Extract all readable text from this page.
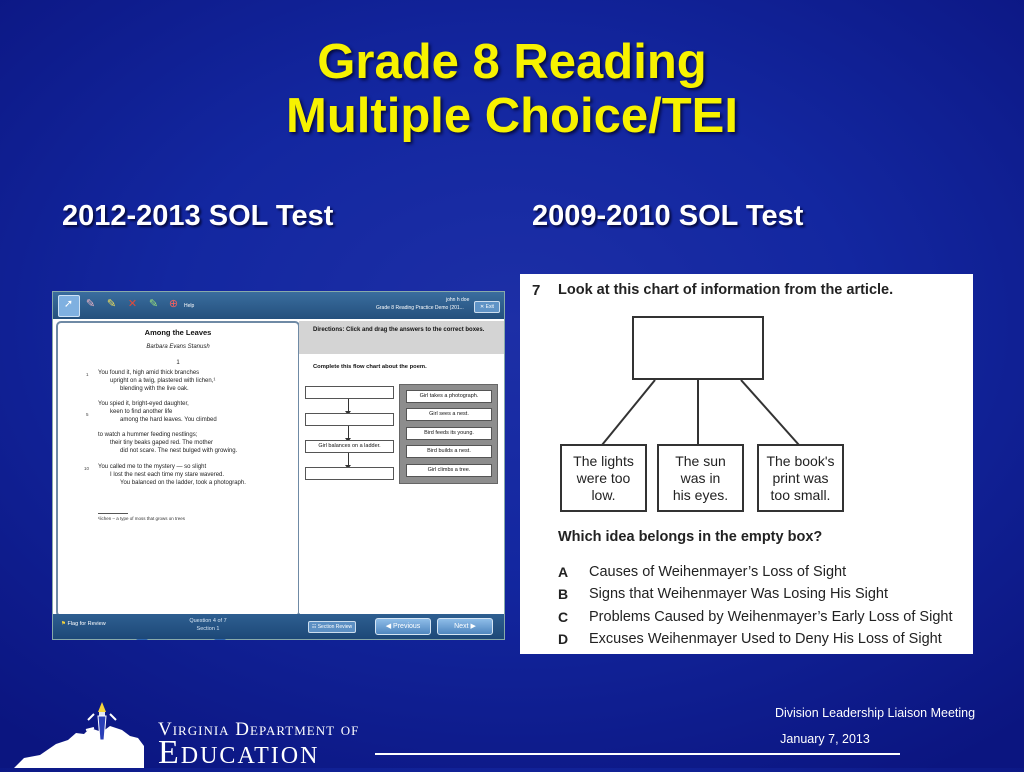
Grade 8 Reading
Multiple Choice/TEI
2012-2013 SOL Test	2009-2010 SOL Test
➚ ✎ ✎ ✕ ✎ ⊕	Help
john h doe
Grade 8 Reading Practice Demo (201...	✕ Exit
Among the Leaves
Barbara Evans Stanush
1
1 You found it, high amid thick branches
upright on a twig, plastered with lichen,¹
blending with the live oak.
You spied it, bright-eyed daughter,
5	keen to find another life
among the hard leaves. You climbed
to watch a hummer feeding nestlings;
their tiny beaks gaped red. The mother
did not scare. The nest bulged with growing.
10 You called me to the mystery — so slight
I lost the nest each time my stare wavered.
You balanced on the ladder, took a photograph.
¹lichen – a type of moss that grows on trees
Directions: Click and drag the answers to the correct boxes.
Complete this flow chart about the poem.
Girl balances on a ladder.
Girl takes a photograph.
Girl sees a nest.
Bird feeds its young.
Bird builds a nest.
Girl climbs a tree.
⚑ Flag for Review	Question 4 of 7
Section 1	☷ Section Review	◀ Previous	Next ▶
7 Look at this chart of information from the article.
The lights
were too
low.
The sun
was in
his eyes.
The book's
print was
too small.
Which idea belongs in the empty box?
A Causes of Weihenmayer’s Loss of Sight
B Signs that Weihenmayer Was Losing His Sight
C Problems Caused by Weihenmayer’s Early Loss of Sight
D Excuses Weihenmayer Used to Deny His Loss of Sight
Division Leadership Liaison Meeting
January 7, 2013
Virginia Department of
Education
